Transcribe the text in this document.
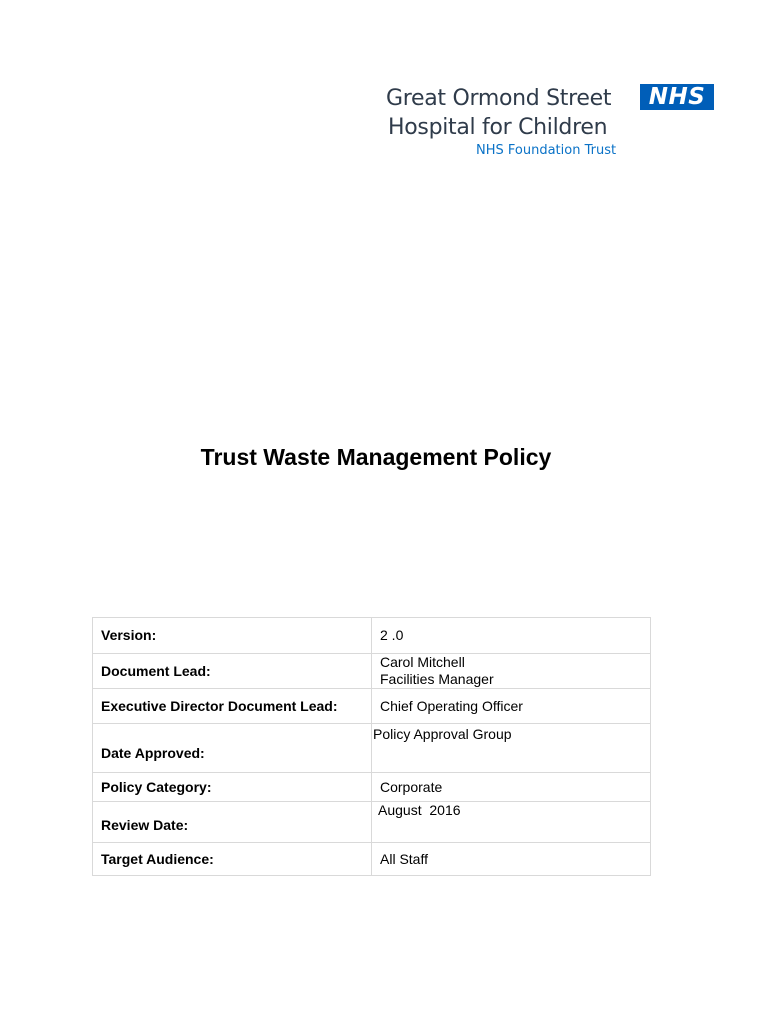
Great Ormond Street	NHS
Hospital for Children
NHS Foundation Trust
Trust Waste Management Policy
Version:	2 .0

Document Lead:	Carol Mitchell
Facilities Manager

Executive Director Document Lead:	Chief Operating Officer

Date Approved:	Policy Approval Group

Policy Category:	Corporate

Review Date:	August  2016

Target Audience:	All Staff
